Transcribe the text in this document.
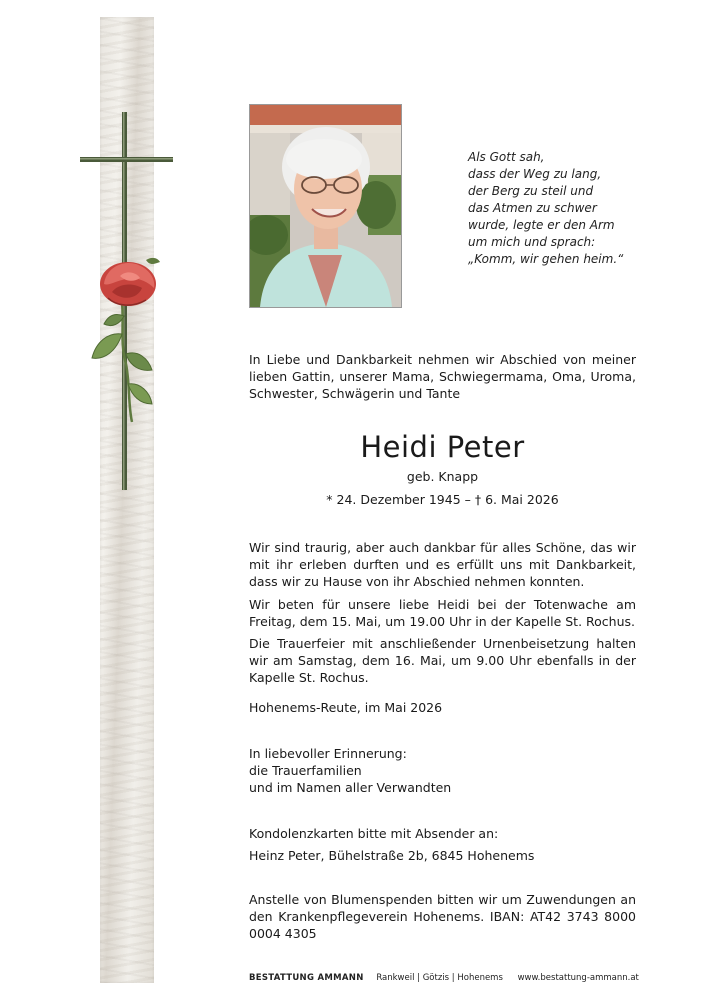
Als Gott sah,
dass der Weg zu lang,
der Berg zu steil und
das Atmen zu schwer
wurde, legte er den Arm
um mich und sprach:
„Komm, wir gehen heim.“
In Liebe und Dankbarkeit nehmen wir Abschied von meiner lieben Gattin, unserer Mama, Schwiegermama, Oma, Uroma, Schwester, Schwägerin und Tante
Heidi Peter
geb. Knapp
* 24. Dezember 1945 – † 6. Mai 2026
Wir sind traurig, aber auch dankbar für alles Schöne, das wir mit ihr erleben durften und es erfüllt uns mit Dankbarkeit, dass wir zu Hause von ihr Abschied nehmen konnten.
Wir beten für unsere liebe Heidi bei der Totenwache am Freitag, dem 15. Mai, um 19.00 Uhr in der Kapelle St. Rochus.
Die Trauerfeier mit anschließender Urnenbeisetzung halten wir am Samstag, dem 16. Mai, um 9.00 Uhr ebenfalls in der Kapelle St. Rochus.
Hohenems-Reute, im Mai 2026
In liebevoller Erinnerung:
die Trauerfamilien
und im Namen aller Verwandten
Kondolenzkarten bitte mit Absender an:
Heinz Peter, Bühelstraße 2b, 6845 Hohenems
Anstelle von Blumenspenden bitten wir um Zuwendungen an den Krankenpflegeverein Hohenems. IBAN: AT42 3743 8000 0004 4305
BESTATTUNG AMMANN Rankweil | Götzis | Hohenems www.bestattung-ammann.at
